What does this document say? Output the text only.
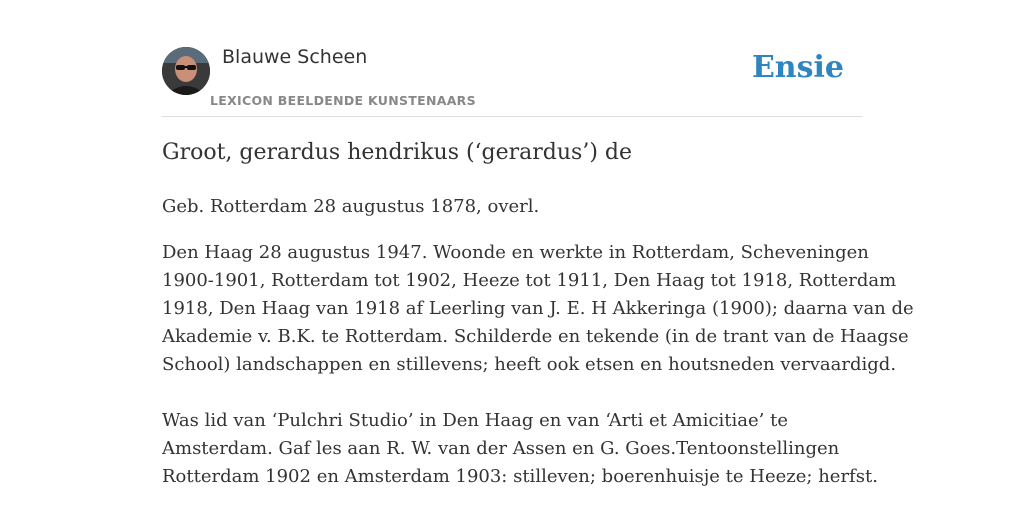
Blauwe Scheen
LEXICON BEELDENDE KUNSTENAARS
Ensie
Groot, gerardus hendrikus (‘gerardus’) de

Geb. Rotterdam 28 augustus 1878, overl.

Den Haag 28 augustus 1947. Woonde en werkte in Rotterdam, Scheveningen
1900-1901, Rotterdam tot 1902, Heeze tot 1911, Den Haag tot 1918, Rotterdam
1918, Den Haag van 1918 af Leerling van J. E. H Akkeringa (1900); daarna van de
Akademie v. B.K. te Rotterdam. Schilderde en tekende (in de trant van de Haagse
School) landschappen en stillevens; heeft ook etsen en houtsneden vervaardigd.
Was lid van ‘Pulchri Studio’ in Den Haag en van ‘Arti et Amicitiae’ te
Amsterdam. Gaf les aan R. W. van der Assen en G. Goes.Tentoonstellingen
Rotterdam 1902 en Amsterdam 1903: stilleven; boerenhuisje te Heeze; herfst.
